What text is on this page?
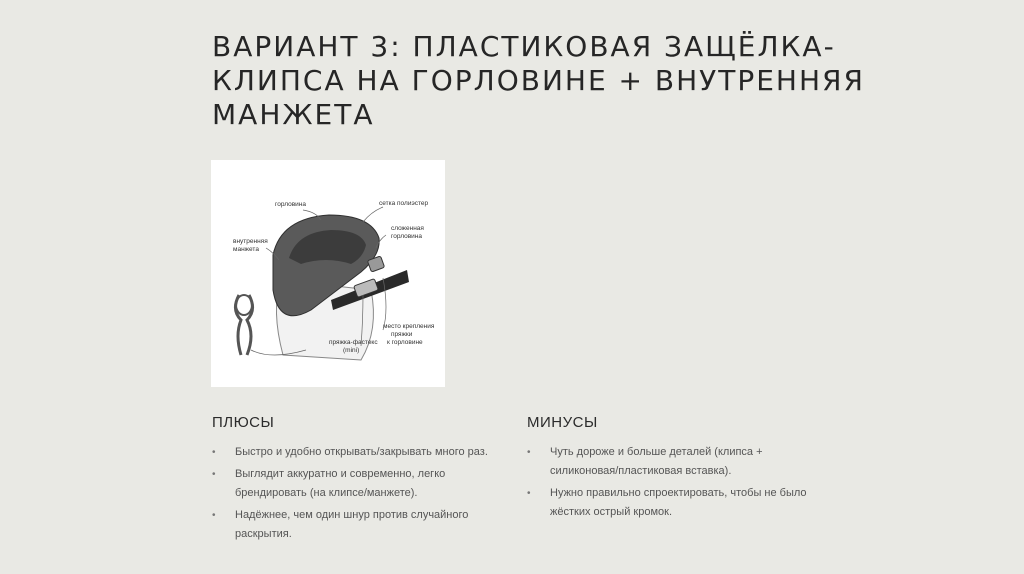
ВАРИАНТ 3: ПЛАСТИКОВАЯ ЗАЩЁЛКА-
КЛИПСА НА ГОРЛОВИНЕ + ВНУТРЕННЯЯ
МАНЖЕТА
горловина	сетка полиэстер
сложенная
горловина
внутренняя
манжета
место крепления
пряжки
к горловине
пряжка-фастекс
(mini)
ПЛЮСЫ
• Быстро и удобно открывать/закрывать много раз.
• Выглядит аккуратно и современно, легко брендировать (на клипсе/манжете).
• Надёжнее, чем один шнур против случайного раскрытия.
МИНУСЫ
• Чуть дороже и больше деталей (клипса + силиконовая/пластиковая вставка).
• Нужно правильно спроектировать, чтобы не было жёстких острый кромок.
